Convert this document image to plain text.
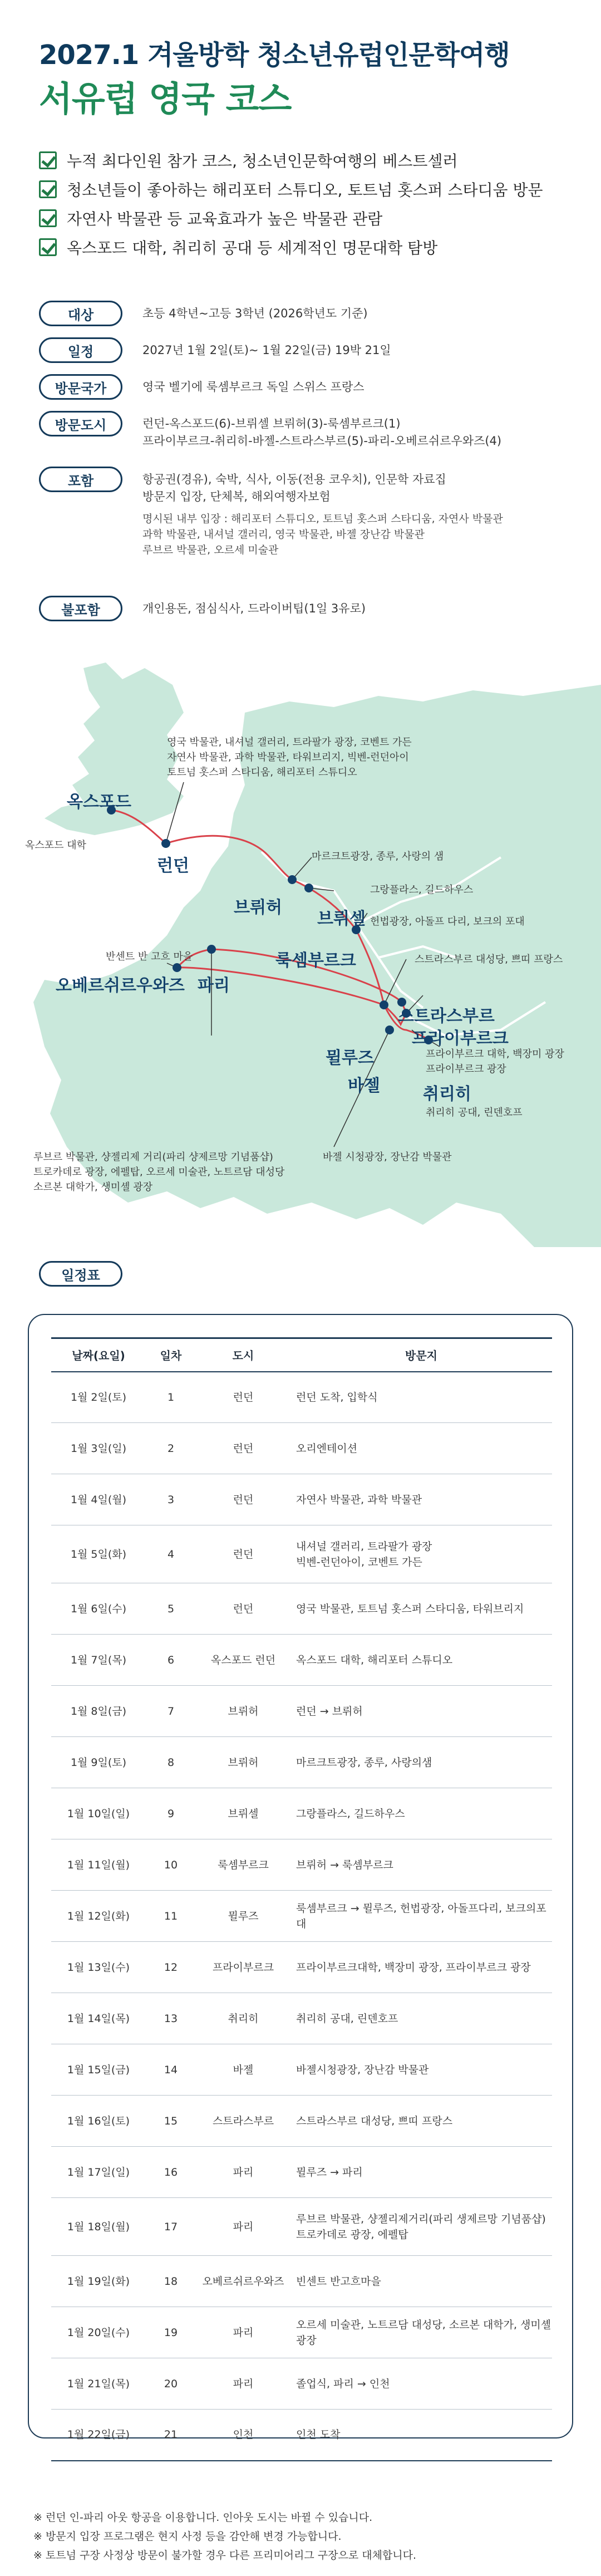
2027.1 겨울방학 청소년유럽인문학여행
서유럽 영국 코스
누적 최다인원 참가 코스, 청소년인문학여행의 베스트셀러
청소년들이 좋아하는 해리포터 스튜디오, 토트넘 홋스퍼 스타디움 방문
자연사 박물관 등 교육효과가 높은 박물관 관람
옥스포드 대학, 취리히 공대 등 세계적인 명문대학 탐방
대상	초등 4학년~고등 3학년 (2026학년도 기준)
일정	2027년 1월 2일(토)~ 1월 22일(금) 19박 21일
방문국가	영국 벨기에 룩셈부르크 독일 스위스 프랑스
방문도시	런던-옥스포드(6)-브뤼셀 브뤼허(3)-룩셈부르크(1)
프라이부르크-취리히-바젤-스트라스부르(5)-파리-오베르쉬르우와즈(4)
포함	항공권(경유), 숙박, 식사, 이동(전용 코우치), 인문학 자료집
방문지 입장, 단체복, 해외여행자보험
명시된 내부 입장 : 해리포터 스튜디오, 토트넘 홋스퍼 스타디움, 자연사 박물관
과학 박물관, 내셔널 갤러리, 영국 박물관, 바젤 장난감 박물관
루브르 박물관, 오르세 미술관
불포함	개인용돈, 점심식사, 드라이버팁(1일 3유로)
옥스포드
런던
브뤼허
브뤼셀
룩셈부르크
오베르쉬르우와즈 파리
스트라스부르
프라이부르크
뮐루즈
바젤	취리히
영국 박물관, 내셔널 갤러리, 트라팔가 광장, 코벤트 가든
자연사 박물관, 과학 박물관, 타워브리지, 빅벤-런던아이
토트넘 홋스퍼 스타디움, 해리포터 스튜디오
옥스포드 대학
마르크트광장, 종루, 사랑의 샘
그랑플라스, 길드하우스
헌법광장, 아돌프 다리, 보크의 포대
스트라스부르 대성당, 쁘띠 프랑스
반센트 반 고흐 마을
프라이부르크 대학, 백장미 광장
프라이부르크 광장
취리히 공대, 린덴호프
루브르 박물관, 샹젤리제 거리(파리 샹제르망 기념품샵)
트로카데로 광장, 에펠탑, 오르세 미술관, 노트르담 대성당
소르본 대학가, 생미셸 광장
바젤 시청광장, 장난감 박물관
일정표
날짜(요일)	일차	도시	방문지
1월 2일(토)	1	런던	런던 도착, 입학식
1월 3일(일)	2	런던	오리엔테이션
1월 4일(월)	3	런던	자연사 박물관, 과학 박물관
1월 5일(화)	4	런던	내셔널 갤러리, 트라팔가 광장
빅벤-런던아이, 코벤트 가든

1월 6일(수)	5	런던	영국 박물관, 토트넘 홋스퍼 스타디움, 타워브리지
1월 7일(목)	6	옥스포드 런던	옥스포드 대학, 해리포터 스튜디오
1월 8일(금)	7	브뤼허	런던 → 브뤼허
1월 9일(토)	8	브뤼허	마르크트광장, 종루, 사랑의샘
1월 10일(일)	9	브뤼셀	그랑플라스, 길드하우스
1월 11일(월)	10	룩셈부르크	브뤼허 → 룩셈부르크
1월 12일(화)	11	뮐루즈	룩셈부르크 → 뮐루즈, 헌법광장, 아돌프다리, 보크의포대
1월 13일(수)	12	프라이부르크	프라이부르크대학, 백장미 광장, 프라이부르크 광장
1월 14일(목)	13	취리히	취리히 공대, 린덴호프
1월 15일(금)	14	바젤	바젤시청광장, 장난감 박물관
1월 16일(토)	15	스트라스부르	스트라스부르 대성당, 쁘띠 프랑스
1월 17일(일)	16	파리	뮐루즈 → 파리
1월 18일(월)	17	파리	루브르 박물관, 샹젤리제거리(파리 생제르망 기념품샵)
트로카데로 광장, 에펠탑

1월 19일(화)	18	오베르쉬르우와즈	빈센트 반고흐마을
1월 20일(수)	19	파리	오르세 미술관, 노트르담 대성당, 소르본 대학가, 생미셸 광장
1월 21일(목)	20	파리	졸업식, 파리 → 인천
1월 22일(금)	21	인천	인천 도착
※ 런던 인-파리 아웃 항공을 이용합니다. 인아웃 도시는 바뀔 수 있습니다.
※ 방문지 입장 프로그램은 현지 사정 등을 감안해 변경 가능합니다.
※ 토트넘 구장 사정상 방문이 불가할 경우 다른 프리미어리그 구장으로 대체합니다.
